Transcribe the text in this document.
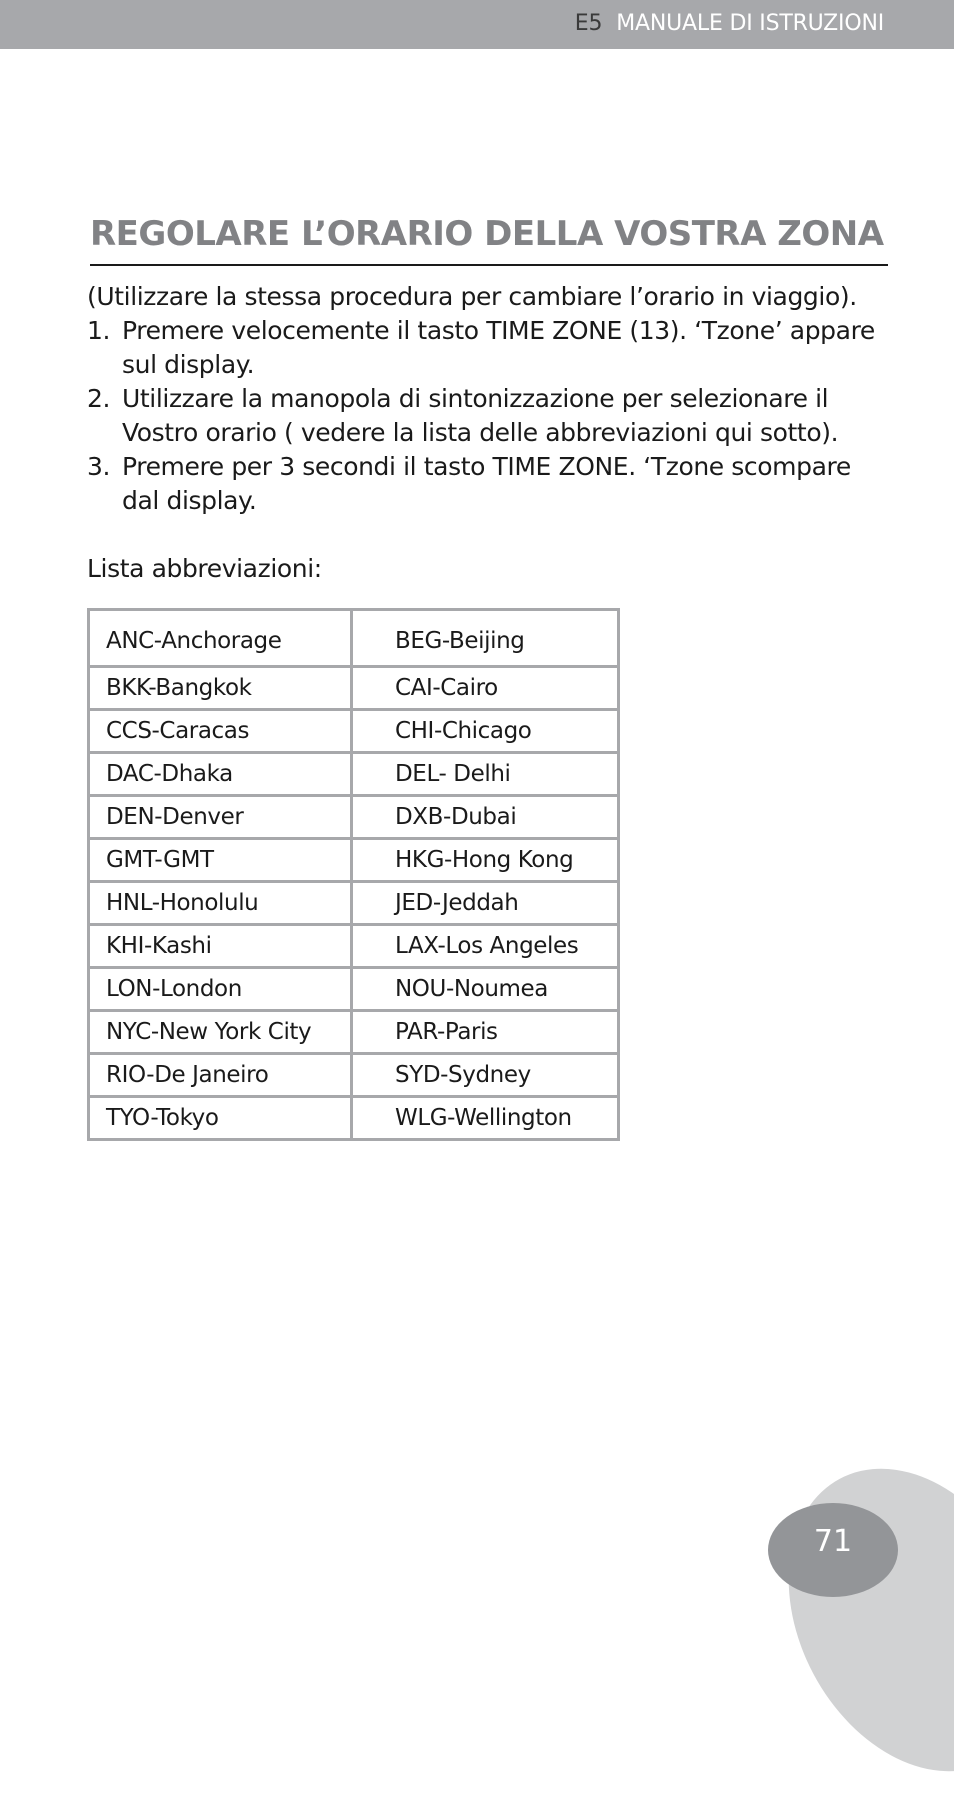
E5 MANUALE DI ISTRUZIONI
REGOLARE L’ORARIO DELLA VOSTRA ZONA

(Utilizzare la stessa procedura per cambiare l’orario in viaggio).

1. Premere velocemente il tasto TIME ZONE (13). ‘Tzone’ appare sul display.
2. Utilizzare la manopola di sintonizzazione per selezionare il Vostro orario ( vedere la lista delle abbreviazioni qui sotto).
3. Premere per 3 secondi il tasto TIME ZONE. ‘Tzone scompare dal display.
Lista abbreviazioni:
ANC-Anchorage	BEG-Beijing
BKK-Bangkok	CAI-Cairo
CCS-Caracas	CHI-Chicago
DAC-Dhaka	DEL- Delhi
DEN-Denver	DXB-Dubai
GMT-GMT	HKG-Hong Kong
HNL-Honolulu	JED-Jeddah
KHI-Kashi	LAX-Los Angeles
LON-London	NOU-Noumea
NYC-New York City	PAR-Paris
RIO-De Janeiro	SYD-Sydney
TYO-Tokyo	WLG-Wellington
71
